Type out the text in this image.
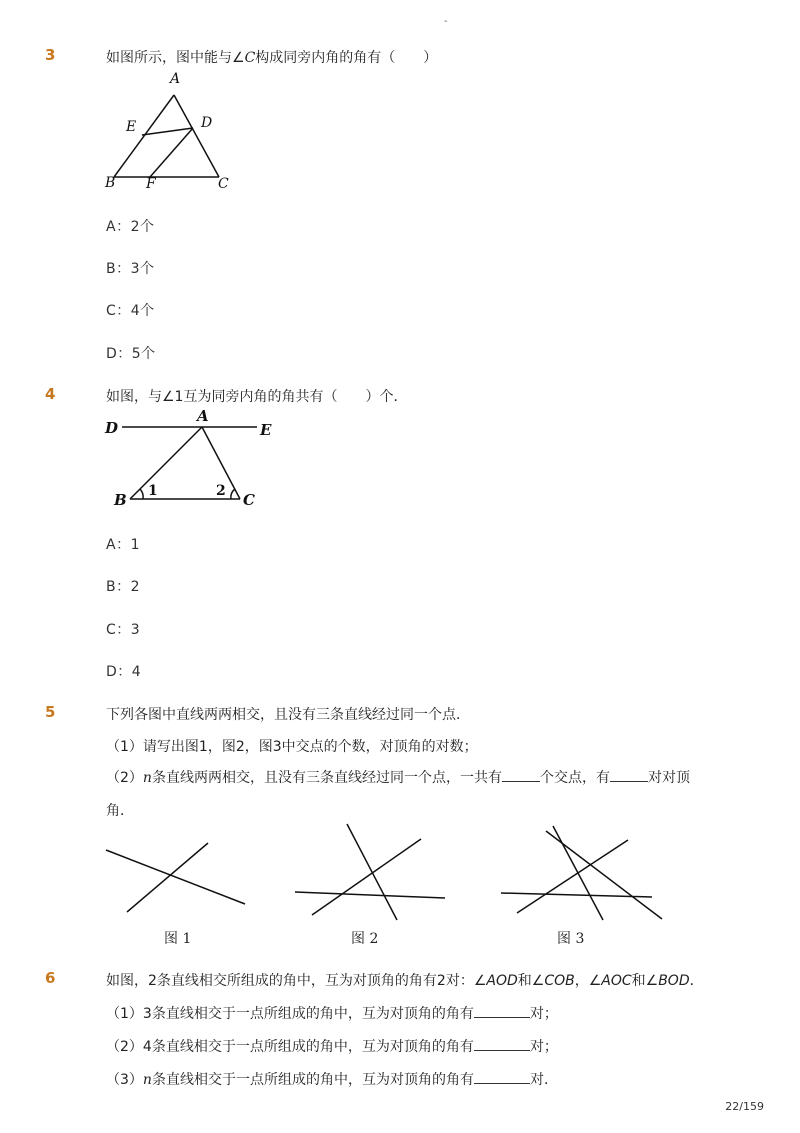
-
3	如图所示，图中能与∠C构成同旁内角的角有（　　）
A
E	D
B F	C
A：2个
B：3个
C：4个
D：5个
4	如图，与∠1互为同旁内角的角共有（　　）个．
D
A
E
B	C
1	2
A：1
B：2
C：3
D：4
5	下列各图中直线两两相交，且没有三条直线经过同一个点．
（1）请写出图1，图2，图3中交点的个数，对顶角的对数；
（2）n条直线两两相交，且没有三条直线经过同一个点，一共有	个交点，有	对对顶
角．
图 1	图 2	图 3
6	如图，2条直线相交所组成的角中，互为对顶角的角有2对：∠AOD和∠COB，∠AOC和∠BOD．
（1）3条直线相交于一点所组成的角中，互为对顶角的角有	对；
（2）4条直线相交于一点所组成的角中，互为对顶角的角有	对；
（3）n条直线相交于一点所组成的角中，互为对顶角的角有	对．
22/159
